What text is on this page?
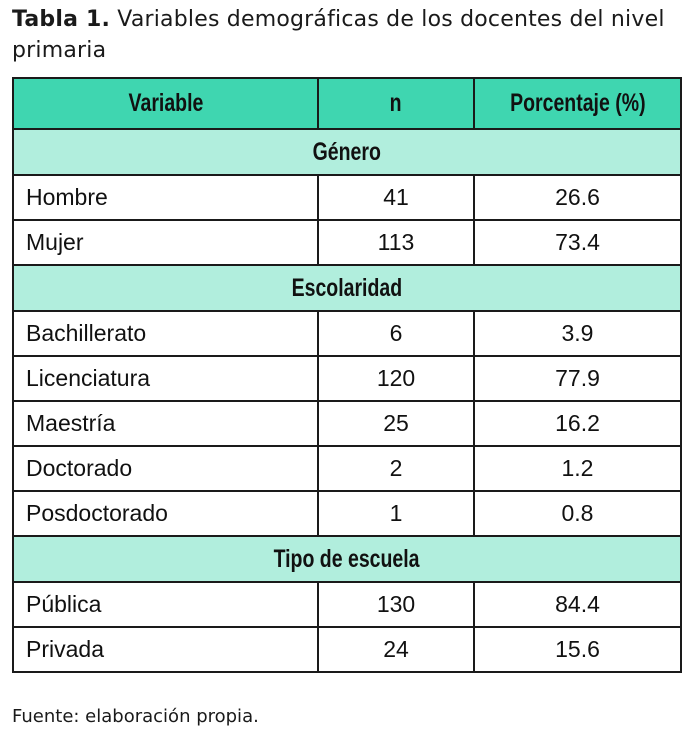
Tabla 1. Variables demográficas de los docentes del nivel primaria
Variable	n	Porcentaje (%)
Género		
Hombre	41	26.6
Mujer	113	73.4
Escolaridad		
Bachillerato	6	3.9
Licenciatura	120	77.9
Maestría	25	16.2
Doctorado	2	1.2
Posdoctorado	1	0.8
Tipo de escuela		
Pública	130	84.4
Privada	24	15.6
Fuente: elaboración propia.
